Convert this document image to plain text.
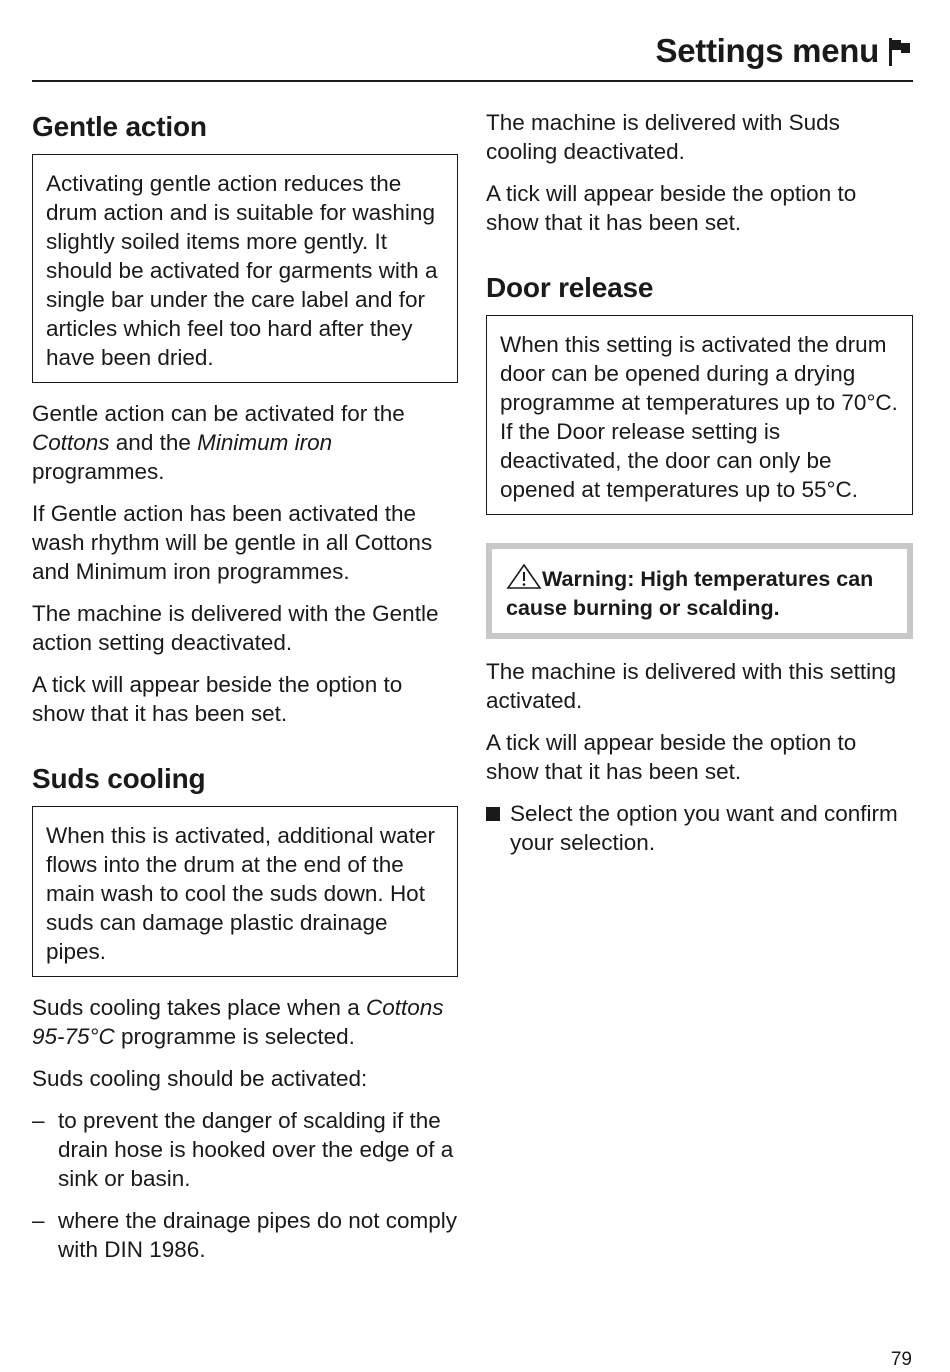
Settings menu
Gentle action

Activating gentle action reduces the drum action and is suitable for washing slightly soiled items more gently. It should be activated for garments with a single bar under the care label and for articles which feel too hard after they have been dried.

Gentle action can be activated for the Cottons and the Minimum iron programmes.

If Gentle action has been activated the wash rhythm will be gentle in all Cottons and Minimum iron programmes.

The machine is delivered with the Gentle action setting deactivated.

A tick will appear beside the option to show that it has been set.

Suds cooling

When this is activated, additional water flows into the drum at the end of the main wash to cool the suds down. Hot suds can damage plastic drainage pipes.

Suds cooling takes place when a Cottons 95-75°C programme is selected.

Suds cooling should be activated:

– to prevent the danger of scalding if the drain hose is hooked over the edge of a sink or basin.
– where the drainage pipes do not comply with DIN 1986.

The machine is delivered with Suds cooling deactivated.

A tick will appear beside the option to show that it has been set.

Door release

When this setting is activated the drum door can be opened during a drying programme at temperatures up to 70°C.

If the Door release setting is deactivated, the door can only be opened at temperatures up to 55°C.

Warning: High temperatures can cause burning or scalding.

The machine is delivered with this setting activated.

A tick will appear beside the option to show that it has been set.

Select the option you want and confirm your selection.
79
